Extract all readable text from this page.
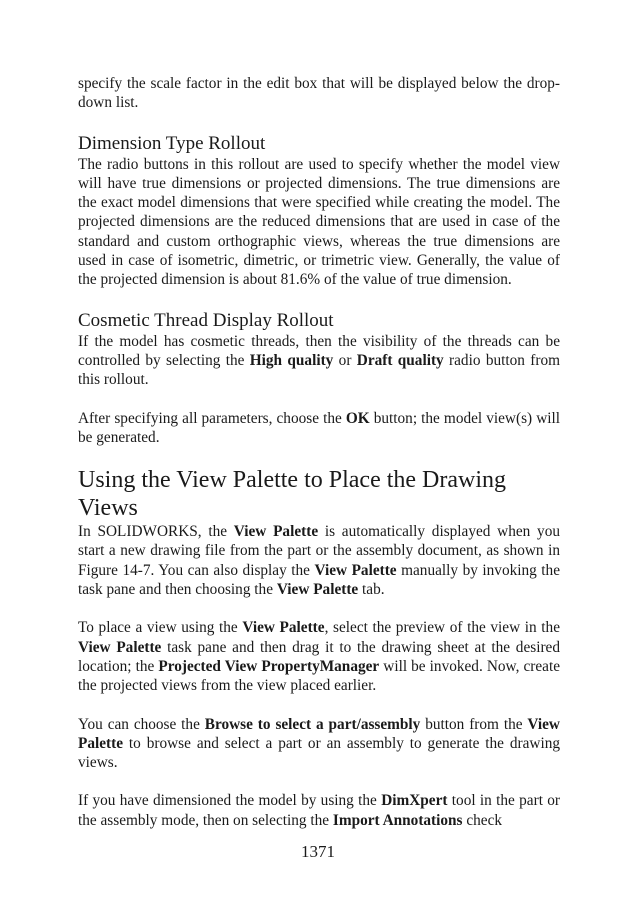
specify the scale factor in the edit box that will be displayed below the drop-down list.

Dimension Type Rollout

The radio buttons in this rollout are used to specify whether the model view will have true dimensions or projected dimensions. The true dimensions are the exact model dimensions that were specified while creating the model. The projected dimensions are the reduced dimensions that are used in case of the standard and custom orthographic views, whereas the true dimensions are used in case of isometric, dimetric, or trimetric view. Generally, the value of the projected dimension is about 81.6% of the value of true dimension.

Cosmetic Thread Display Rollout

If the model has cosmetic threads, then the visibility of the threads can be controlled by selecting the High quality or Draft quality radio button from this rollout.

After specifying all parameters, choose the OK button; the model view(s) will be generated.

Using the View Palette to Place the Drawing Views

In SOLIDWORKS, the View Palette is automatically displayed when you start a new drawing file from the part or the assembly document, as shown in Figure 14-7. You can also display the View Palette manually by invoking the task pane and then choosing the View Palette tab.

To place a view using the View Palette, select the preview of the view in the View Palette task pane and then drag it to the drawing sheet at the desired location; the Projected View PropertyManager will be invoked. Now, create the projected views from the view placed earlier.

You can choose the Browse to select a part/assembly button from the View Palette to browse and select a part or an assembly to generate the drawing views.

If you have dimensioned the model by using the DimXpert tool in the part or the assembly mode, then on selecting the Import Annotations check

1371
